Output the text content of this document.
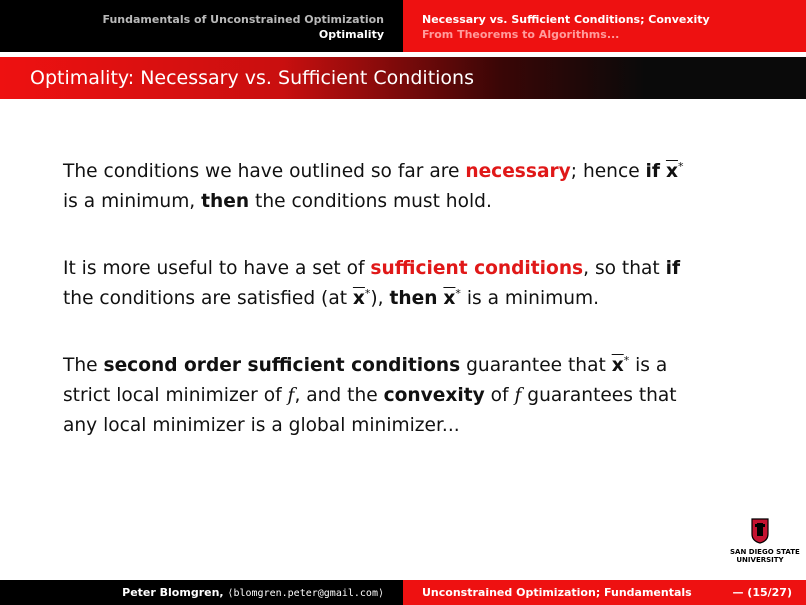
Fundamentals of Unconstrained Optimization
Optimality
Necessary vs. Sufficient Conditions; Convexity
From Theorems to Algorithms...
Optimality: Necessary vs. Sufficient Conditions
The conditions we have outlined so far are necessary; hence if $\overline{x}^*$
is a minimum, then the conditions must hold.
It is more useful to have a set of sufficient conditions, so that if
the conditions are satisfied (at $\overline{x}^*$), then $\overline{x}^*$ is a minimum.
The second order sufficient conditions guarantee that $\overline{x}^*$ is a
strict local minimizer of f, and the convexity of f guarantees that
any local minimizer is a global minimizer...
SAN DIEGO STATE
UNIVERSITY
Peter Blomgren, ⟨blomgren.peter@gmail.com⟩	Unconstrained Optimization; Fundamentals	— (15/27)
